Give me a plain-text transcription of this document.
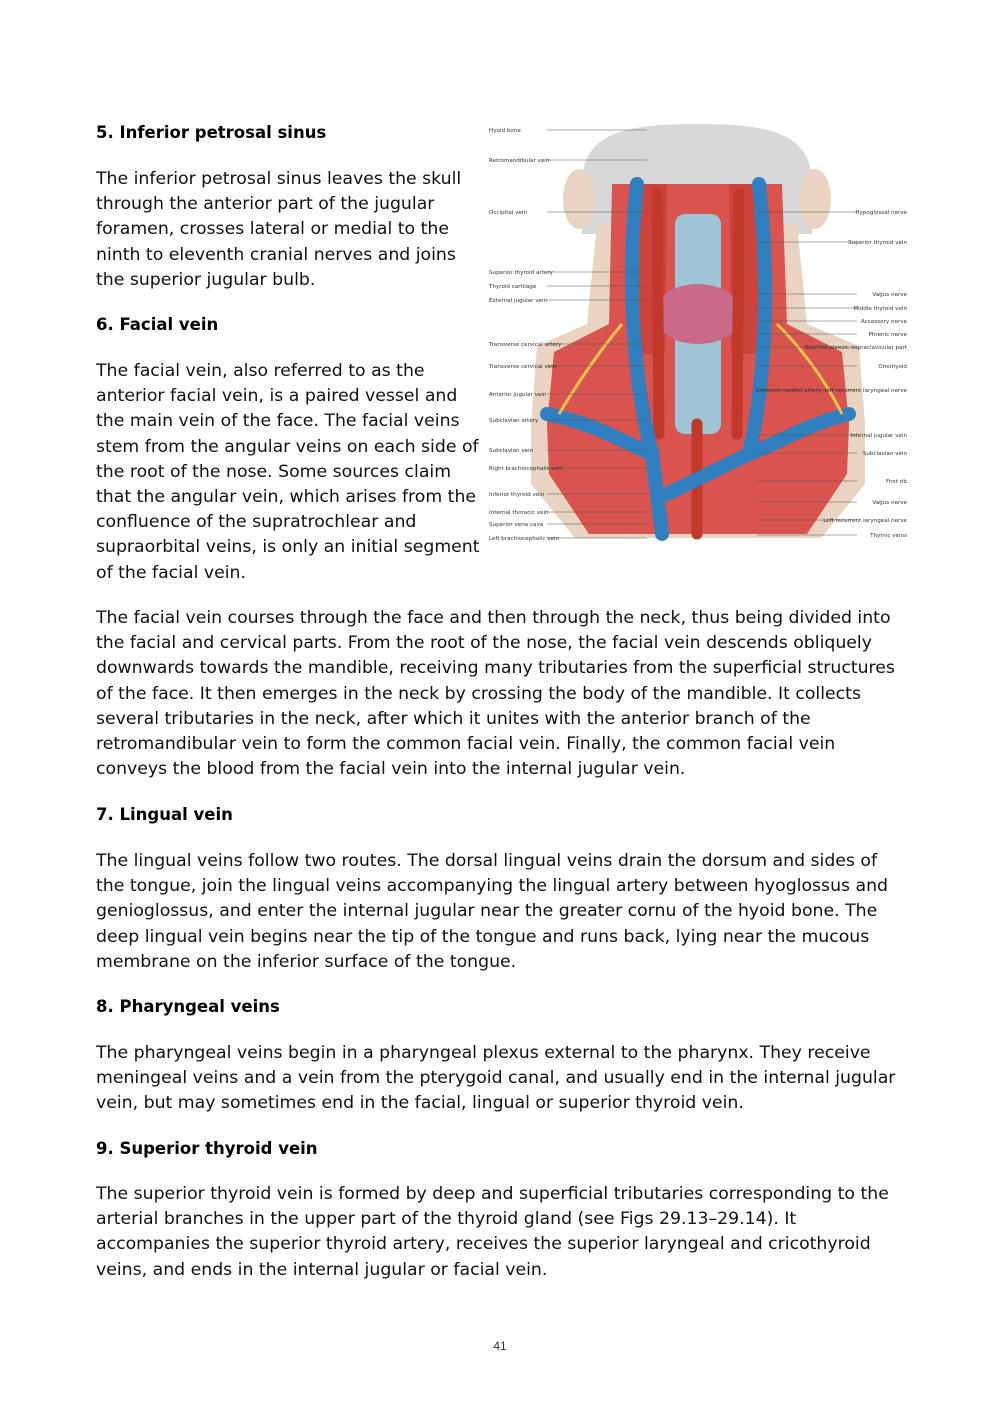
5. Inferior petrosal sinus

The inferior petrosal sinus leaves the skull through the anterior part of the jugular foramen, crosses lateral or medial to the ninth to eleventh cranial nerves and joins the superior jugular bulb.

6. Facial vein

The facial vein, also referred to as the anterior facial vein, is a paired vessel and the main vein of the face. The facial veins stem from the angular veins on each side of the root of the nose. Some sources claim that the angular vein, which arises from the confluence of the supratrochlear and supraorbital veins, is only an initial segment of the facial vein.

The facial vein courses through the face and then through the neck, thus being divided into the facial and cervical parts. From the root of the nose, the facial vein descends obliquely downwards towards the mandible, receiving many tributaries from the superficial structures of the face. It then emerges in the neck by crossing the body of the mandible. It collects several tributaries in the neck, after which it unites with the anterior branch of the retromandibular vein to form the common facial vein. Finally, the common facial vein conveys the blood from the facial vein into the internal jugular vein.

7. Lingual vein

The lingual veins follow two routes. The dorsal lingual veins drain the dorsum and sides of the tongue, join the lingual veins accompanying the lingual artery between hyoglossus and genioglossus, and enter the internal jugular near the greater cornu of the hyoid bone. The deep lingual vein begins near the tip of the tongue and runs back, lying near the mucous membrane on the inferior surface of the tongue.

8. Pharyngeal veins

The pharyngeal veins begin in a pharyngeal plexus external to the pharynx. They receive meningeal veins and a vein from the pterygoid canal, and usually end in the internal jugular vein, but may sometimes end in the facial, lingual or superior thyroid vein.

9. Superior thyroid vein

The superior thyroid vein is formed by deep and superficial tributaries corresponding to the arterial branches in the upper part of the thyroid gland (see Figs 29.13–29.14). It accompanies the superior thyroid artery, receives the superior laryngeal and cricothyroid veins, and ends in the internal jugular or facial vein.

Hyoid bone
Retromandibular vein
Occipital vein
Superior thyroid artery
Thyroid cartilage
External jugular vein
Transverse cervical artery
Transverse cervical vein
Anterior jugular vein
Subclavian artery
Subclavian vein
Right brachiocephalic vein
Inferior thyroid vein
Internal thoracic vein
Superior vena cava
Left brachiocephalic vein
Hypoglossal nerve
Superior thyroid vein
Vagus nerve
Middle thyroid vein
Accessory nerve
Phrenic nerve
Brachial plexus, supraclavicular part
Omohyoid
Common carotid artery, left recurrent laryngeal nerve
Internal jugular vein
Subclavian vein
First rib
Vagus nerve
Left recurrent laryngeal nerve
Thymic veins
41
